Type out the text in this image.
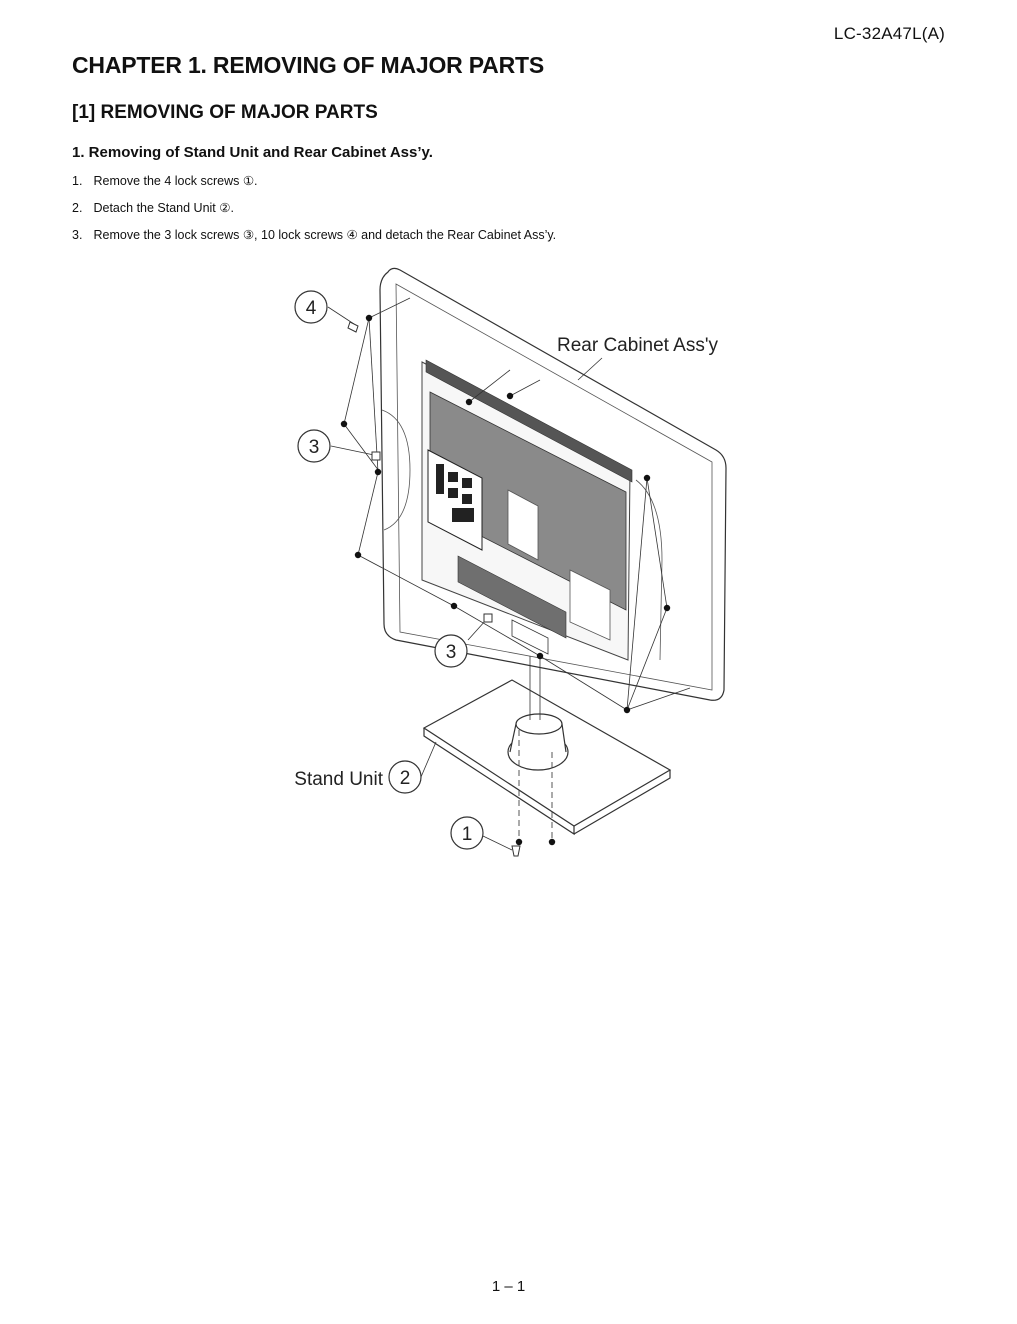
LC-32A47L(A)
CHAPTER 1. REMOVING OF MAJOR PARTS
[1] REMOVING OF MAJOR PARTS
1. Removing of Stand Unit and Rear Cabinet Ass’y.
1. Remove the 4 lock screws ①.
2. Detach the Stand Unit ②.
3. Remove the 3 lock screws ③, 10 lock screws ④ and detach the Rear Cabinet Ass’y.
4
3
3
2
1
Rear Cabinet Ass'y
Stand Unit
1 – 1
